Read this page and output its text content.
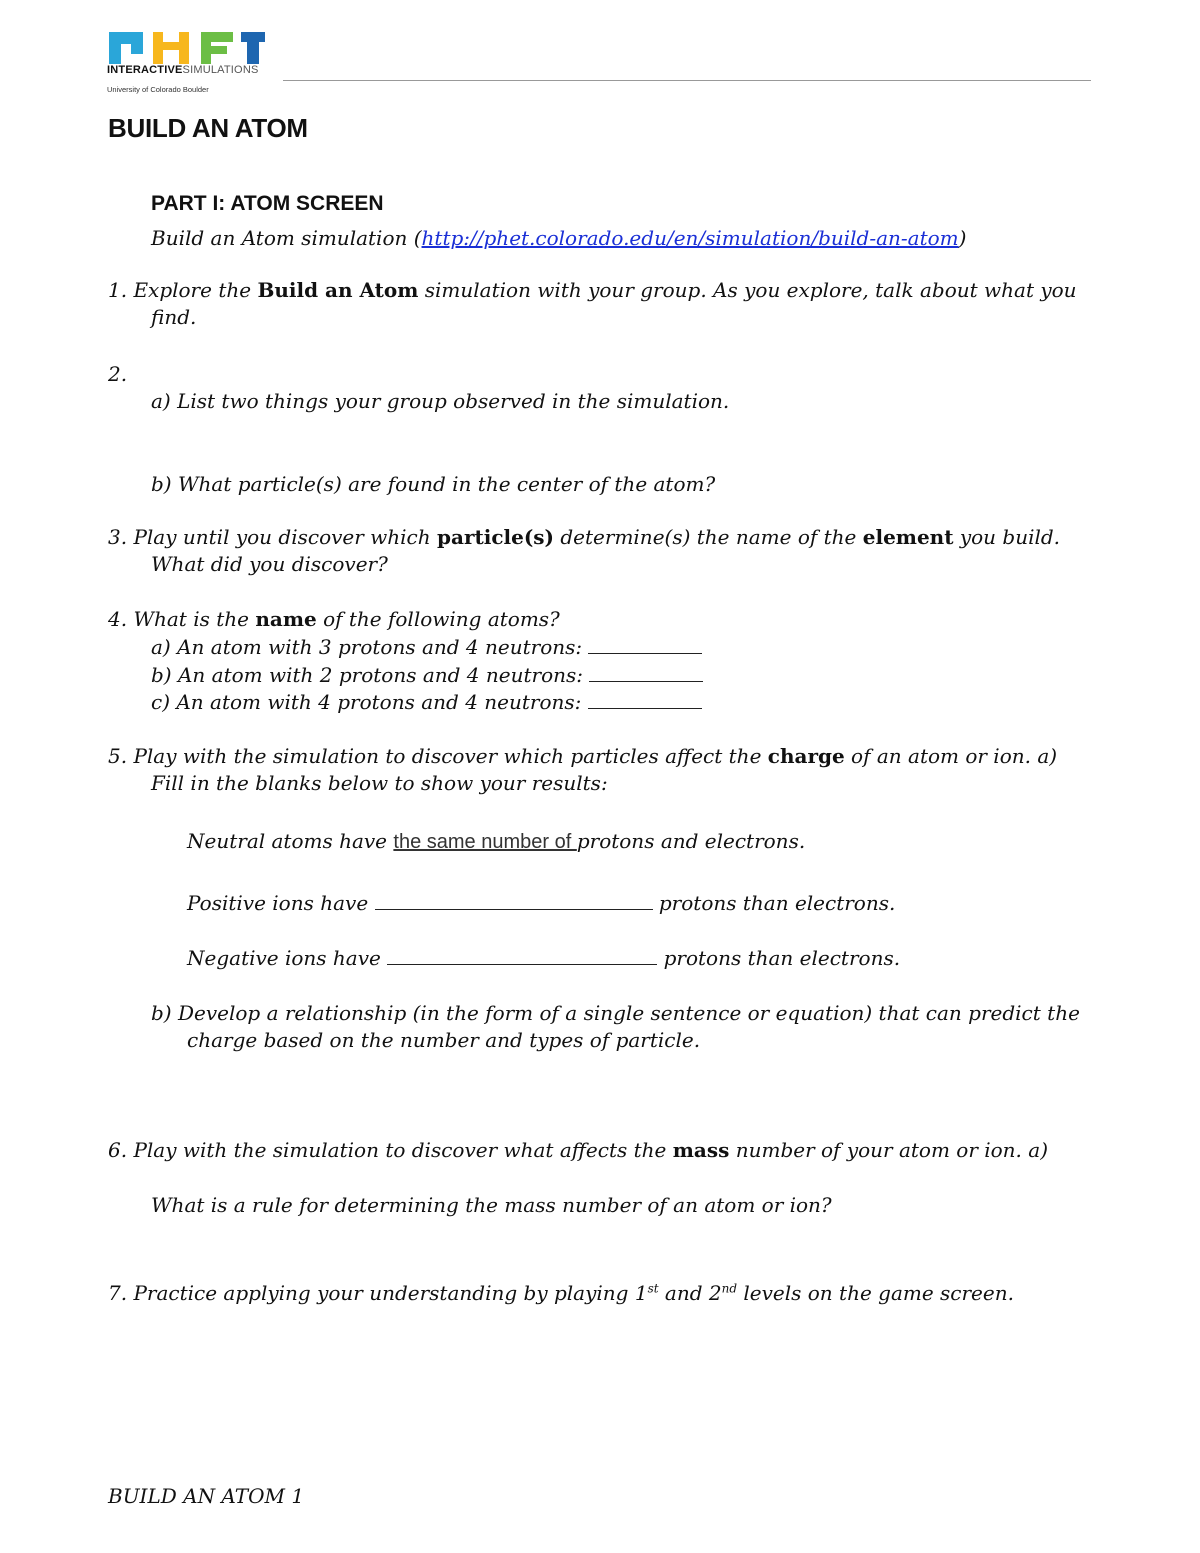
INTERACTIVESIMULATIONS
University of Colorado Boulder
BUILD AN ATOM
PART I: ATOM SCREEN
Build an Atom simulation (http://phet.colorado.edu/en/simulation/build-an-atom)
1. Explore the Build an Atom simulation with your group. As you explore, talk about what you
find.
2.
a) List two things your group observed in the simulation.
b) What particle(s) are found in the center of the atom?
3. Play until you discover which particle(s) determine(s) the name of the element you build.
What did you discover?
4. What is the name of the following atoms?
a) An atom with 3 protons and 4 neutrons:
b) An atom with 2 protons and 4 neutrons:
c) An atom with 4 protons and 4 neutrons:
5. Play with the simulation to discover which particles affect the charge of an atom or ion. a)
Fill in the blanks below to show your results:
Neutral atoms have the same number of protons and electrons.
Positive ions have	protons than electrons.
Negative ions have	protons than electrons.
b) Develop a relationship (in the form of a single sentence or equation) that can predict the
charge based on the number and types of particle.
6. Play with the simulation to discover what affects the mass number of your atom or ion. a)
What is a rule for determining the mass number of an atom or ion?
7. Practice applying your understanding by playing 1st and 2nd levels on the game screen.
BUILD AN ATOM 1
